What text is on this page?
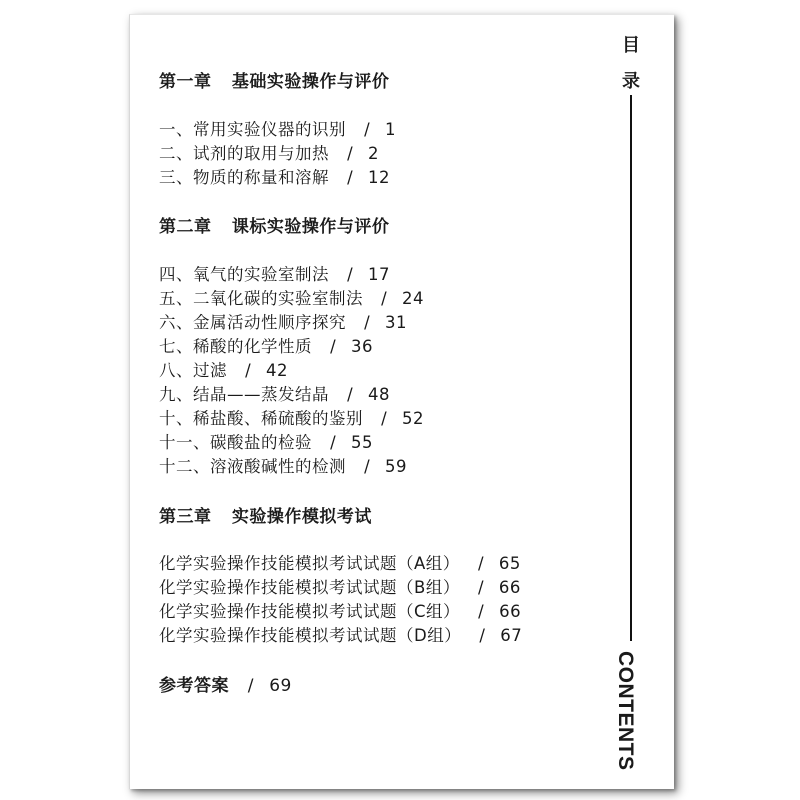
第一章 基础实验操作与评价
一、常用实验仪器的识别 / 1
二、试剂的取用与加热 / 2
三、物质的称量和溶解 / 12
第二章 课标实验操作与评价
四、氧气的实验室制法 / 17
五、二氧化碳的实验室制法 / 24
六、金属活动性顺序探究 / 31
七、稀酸的化学性质 / 36
八、过滤 / 42
九、结晶——蒸发结晶 / 48
十、稀盐酸、稀硫酸的鉴别 / 52
十一、碳酸盐的检验 / 55
十二、溶液酸碱性的检测 / 59
第三章 实验操作模拟考试
化学实验操作技能模拟考试试题（A组） / 65
化学实验操作技能模拟考试试题（B组） / 66
化学实验操作技能模拟考试试题（C组） / 66
化学实验操作技能模拟考试试题（D组） / 67
参考答案 / 69
目
录
CONTENTS
